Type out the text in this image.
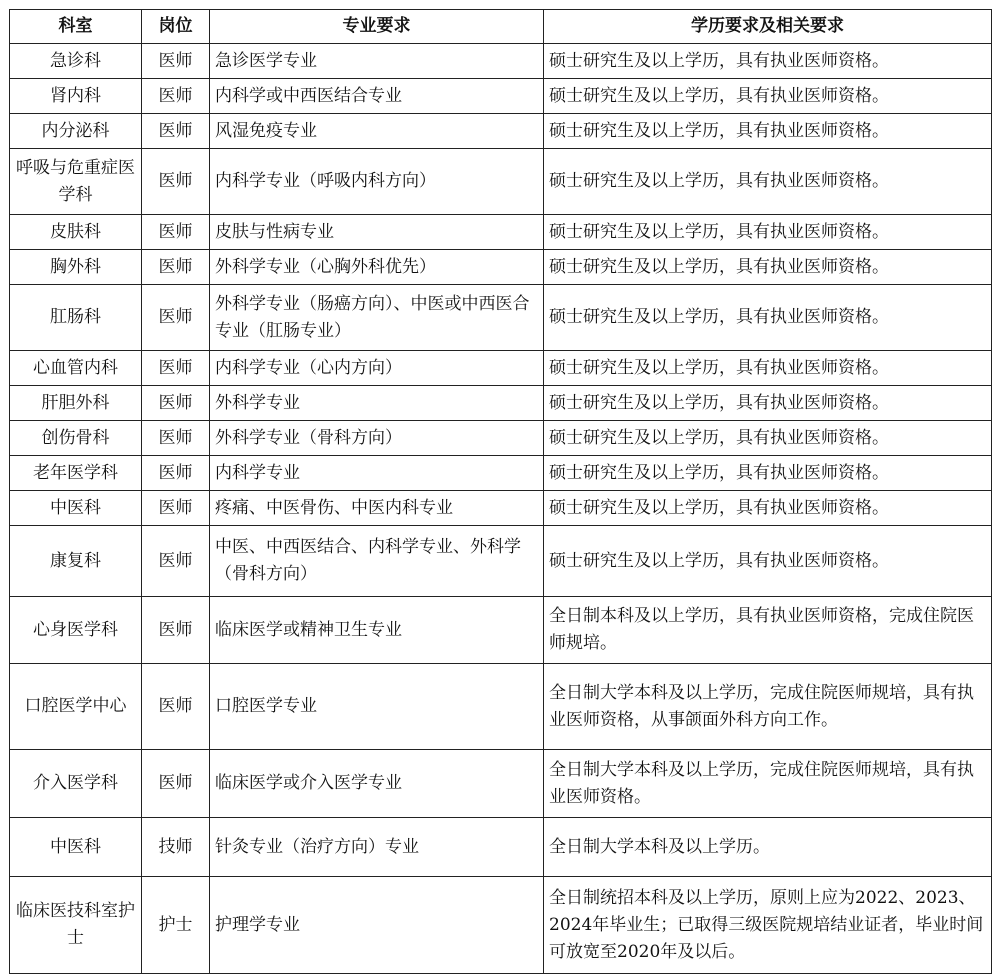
科室	岗位	专业要求	学历要求及相关要求
急诊科	医师	急诊医学专业	硕士研究生及以上学历，具有执业医师资格。
肾内科	医师	内科学或中西医结合专业	硕士研究生及以上学历，具有执业医师资格。
内分泌科	医师	风湿免疫专业	硕士研究生及以上学历，具有执业医师资格。
呼吸与危重症医学科	医师	内科学专业（呼吸内科方向）	硕士研究生及以上学历，具有执业医师资格。
皮肤科	医师	皮肤与性病专业	硕士研究生及以上学历，具有执业医师资格。
胸外科	医师	外科学专业（心胸外科优先）	硕士研究生及以上学历，具有执业医师资格。
肛肠科	医师	外科学专业（肠癌方向）、中医或中西医合专业（肛肠专业）	硕士研究生及以上学历，具有执业医师资格。
心血管内科	医师	内科学专业（心内方向）	硕士研究生及以上学历，具有执业医师资格。
肝胆外科	医师	外科学专业	硕士研究生及以上学历，具有执业医师资格。
创伤骨科	医师	外科学专业（骨科方向）	硕士研究生及以上学历，具有执业医师资格。
老年医学科	医师	内科学专业	硕士研究生及以上学历，具有执业医师资格。
中医科	医师	疼痛、中医骨伤、中医内科专业	硕士研究生及以上学历，具有执业医师资格。
康复科	医师	中医、中西医结合、内科学专业、外科学（骨科方向）	硕士研究生及以上学历，具有执业医师资格。
心身医学科	医师	临床医学或精神卫生专业	全日制本科及以上学历，具有执业医师资格，完成住院医师规培。
口腔医学中心	医师	口腔医学专业	全日制大学本科及以上学历，完成住院医师规培，具有执业医师资格，从事颌面外科方向工作。
介入医学科	医师	临床医学或介入医学专业	全日制大学本科及以上学历，完成住院医师规培，具有执业医师资格。
中医科	技师	针灸专业（治疗方向）专业	全日制大学本科及以上学历。
临床医技科室护士	护士	护理学专业	全日制统招本科及以上学历，原则上应为2022、2023、2024年毕业生；已取得三级医院规培结业证者，毕业时间可放宽至2020年及以后。
